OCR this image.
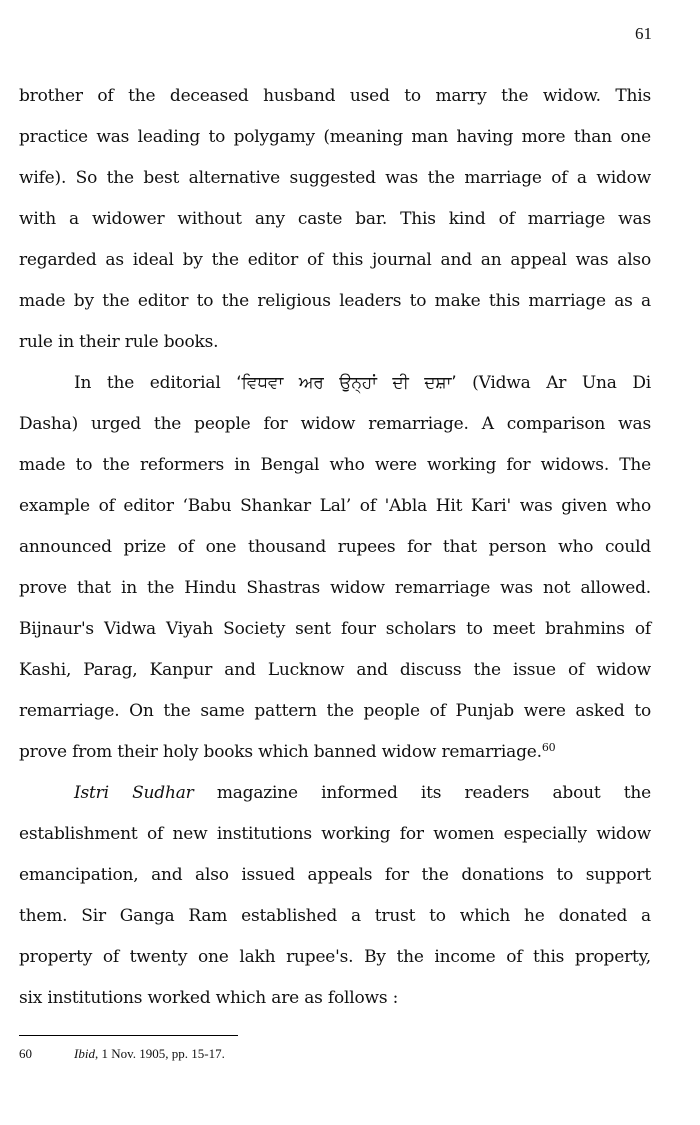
61
brother of the deceased husband used to marry the widow. This
practice was leading to polygamy (meaning man having more than one
wife). So the best alternative suggested was the marriage of a widow
with a widower without any caste bar. This kind of marriage was
regarded as ideal by the editor of this journal and an appeal was also
made by the editor to the religious leaders to make this marriage as a
rule in their rule books.
In the editorial ‘ਵਿਧਵਾ ਅਰ ਉਨ੍ਹਾਂ ਦੀ ਦਸ਼ਾ’ (Vidwa Ar Una Di
Dasha) urged the people for widow remarriage. A comparison was
made to the reformers in Bengal who were working for widows. The
example of editor ‘Babu Shankar Lal’ of 'Abla Hit Kari' was given who
announced prize of one thousand rupees for that person who could
prove that in the Hindu Shastras widow remarriage was not allowed.
Bijnaur's Vidwa Viyah Society sent four scholars to meet brahmins of
Kashi, Parag, Kanpur and Lucknow and discuss the issue of widow
remarriage. On the same pattern the people of Punjab were asked to
prove from their holy books which banned widow remarriage.$^{60}$
Istri Sudhar magazine informed its readers about the
establishment of new institutions working for women especially widow
emancipation, and also issued appeals for the donations to support
them. Sir Ganga Ram established a trust to which he donated a
property of twenty one lakh rupee's. By the income of this property,
six institutions worked which are as follows :
60	Ibid, 1 Nov. 1905, pp. 15-17.
